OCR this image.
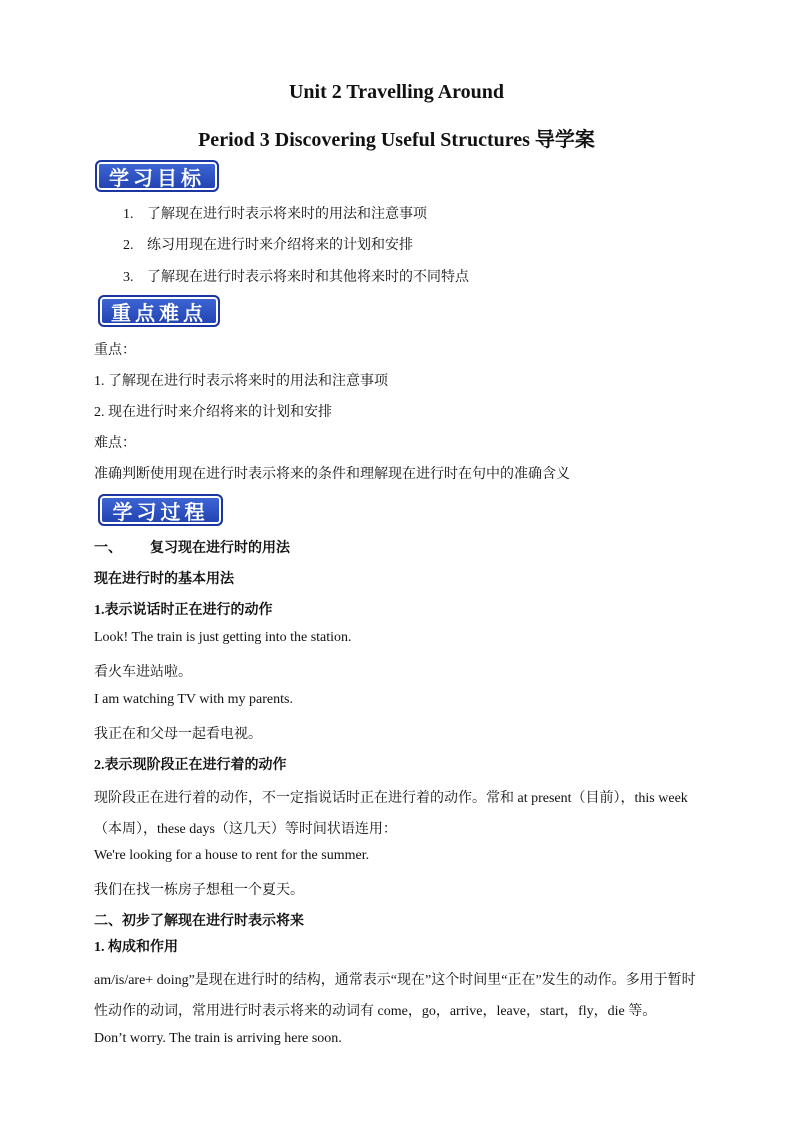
Unit 2 Travelling Around
Period 3 Discovering Useful Structures 导学案
学习目标
1. 了解现在进行时表示将来时的用法和注意事项
2. 练习用现在进行时来介绍将来的计划和安排
3. 了解现在进行时表示将来时和其他将来时的不同特点
重点难点
重点：
1. 了解现在进行时表示将来时的用法和注意事项
2. 现在进行时来介绍将来的计划和安排
难点：
准确判断使用现在进行时表示将来的条件和理解现在进行时在句中的准确含义
学习过程
一、 复习现在进行时的用法
现在进行时的基本用法
1.表示说话时正在进行的动作
Look! The train is just getting into the station.
看火车进站啦。
I am watching TV with my parents.
我正在和父母一起看电视。
2.表示现阶段正在进行着的动作
现阶段正在进行着的动作，不一定指说话时正在进行着的动作。常和 at present（目前），this week
（本周），these days（这几天）等时间状语连用：
We're looking for a house to rent for the summer.
我们在找一栋房子想租一个夏天。
二、初步了解现在进行时表示将来
1. 构成和作用
am/is/are+ doing”是现在进行时的结构，通常表示“现在”这个时间里“正在”发生的动作。多用于暂时
性动作的动词，常用进行时表示将来的动词有 come，go，arrive，leave，start，fly，die 等。
Don’t worry. The train is arriving here soon.
